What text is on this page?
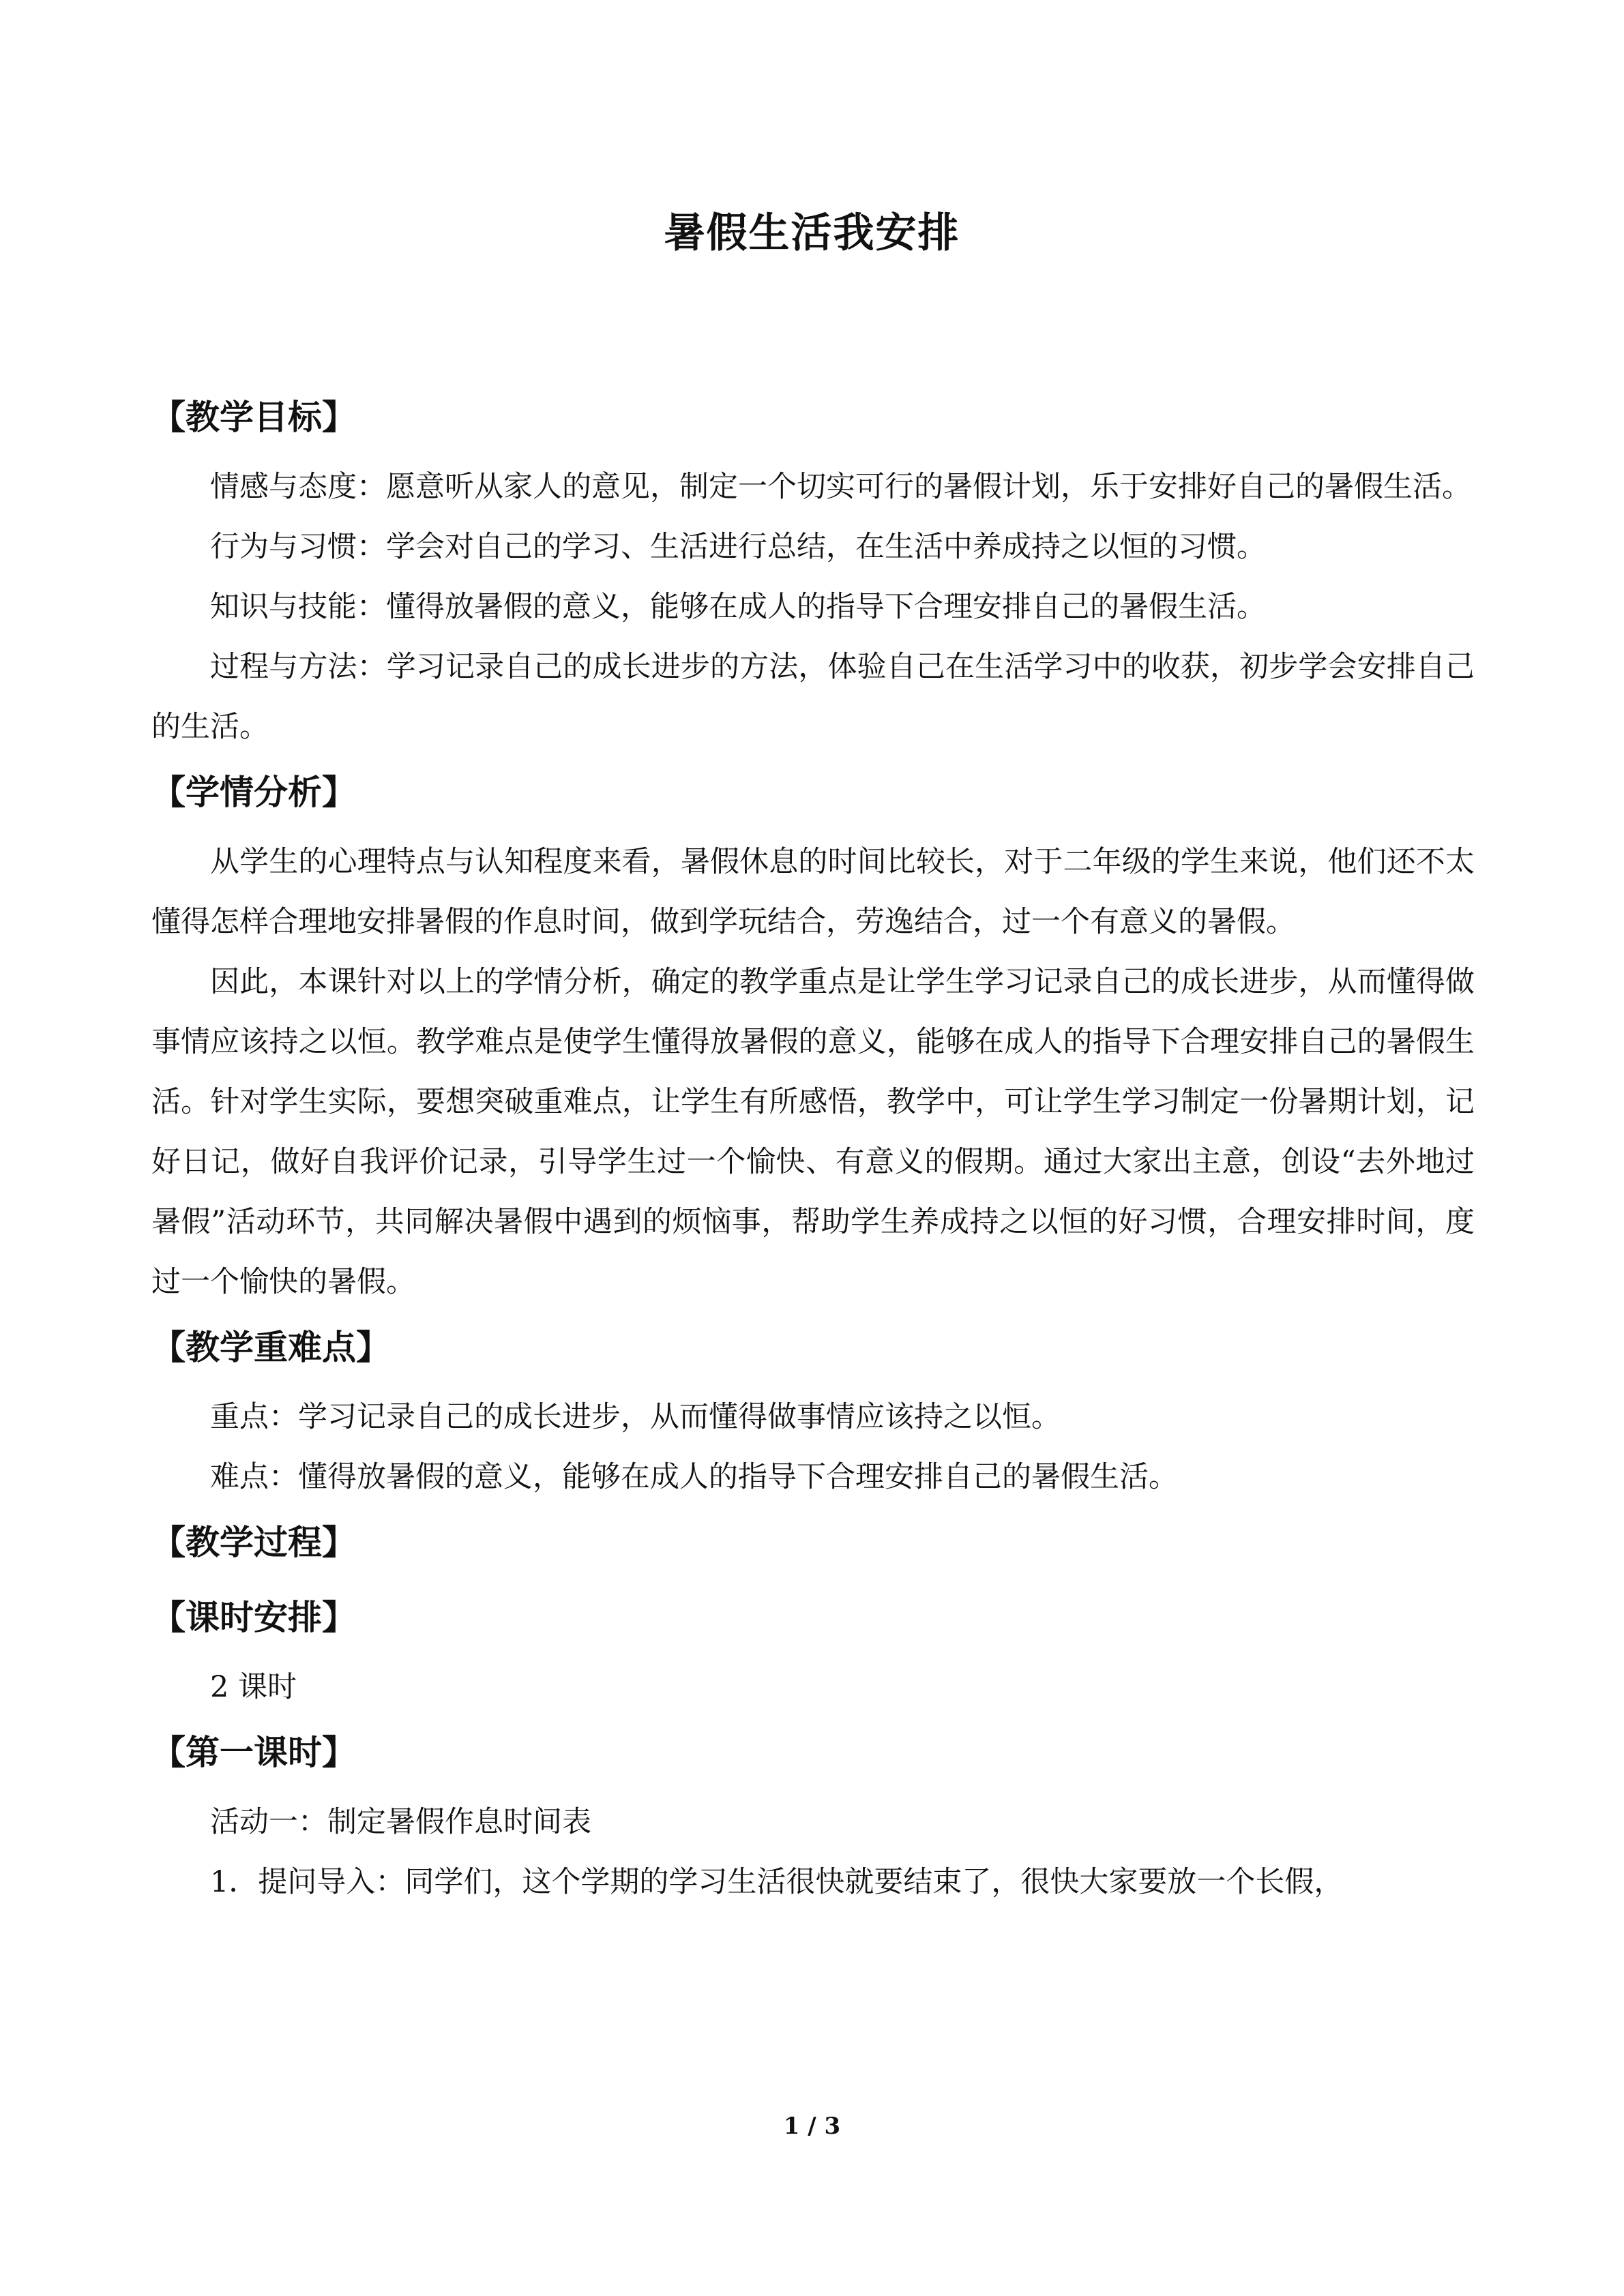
暑假生活我安排

【教学目标】

情感与态度：愿意听从家人的意见，制定一个切实可行的暑假计划，乐于安排好自己的暑假生活。

行为与习惯：学会对自己的学习、生活进行总结，在生活中养成持之以恒的习惯。

知识与技能：懂得放暑假的意义，能够在成人的指导下合理安排自己的暑假生活。

过程与方法：学习记录自己的成长进步的方法，体验自己在生活学习中的收获，初步学会安排自己的生活。

【学情分析】

从学生的心理特点与认知程度来看，暑假休息的时间比较长，对于二年级的学生来说，他们还不太懂得怎样合理地安排暑假的作息时间，做到学玩结合，劳逸结合，过一个有意义的暑假。

因此，本课针对以上的学情分析，确定的教学重点是让学生学习记录自己的成长进步，从而懂得做事情应该持之以恒。教学难点是使学生懂得放暑假的意义，能够在成人的指导下合理安排自己的暑假生活。针对学生实际，要想突破重难点，让学生有所感悟，教学中，可让学生学习制定一份暑期计划，记好日记，做好自我评价记录，引导学生过一个愉快、有意义的假期。通过大家出主意，创设“去外地过暑假”活动环节，共同解决暑假中遇到的烦恼事，帮助学生养成持之以恒的好习惯，合理安排时间，度过一个愉快的暑假。

【教学重难点】

重点：学习记录自己的成长进步，从而懂得做事情应该持之以恒。

难点：懂得放暑假的意义，能够在成人的指导下合理安排自己的暑假生活。

【教学过程】

【课时安排】

2 课时

【第一课时】

活动一：制定暑假作息时间表

1．提问导入：同学们，这个学期的学习生活很快就要结束了，很快大家要放一个长假，

1 / 3
